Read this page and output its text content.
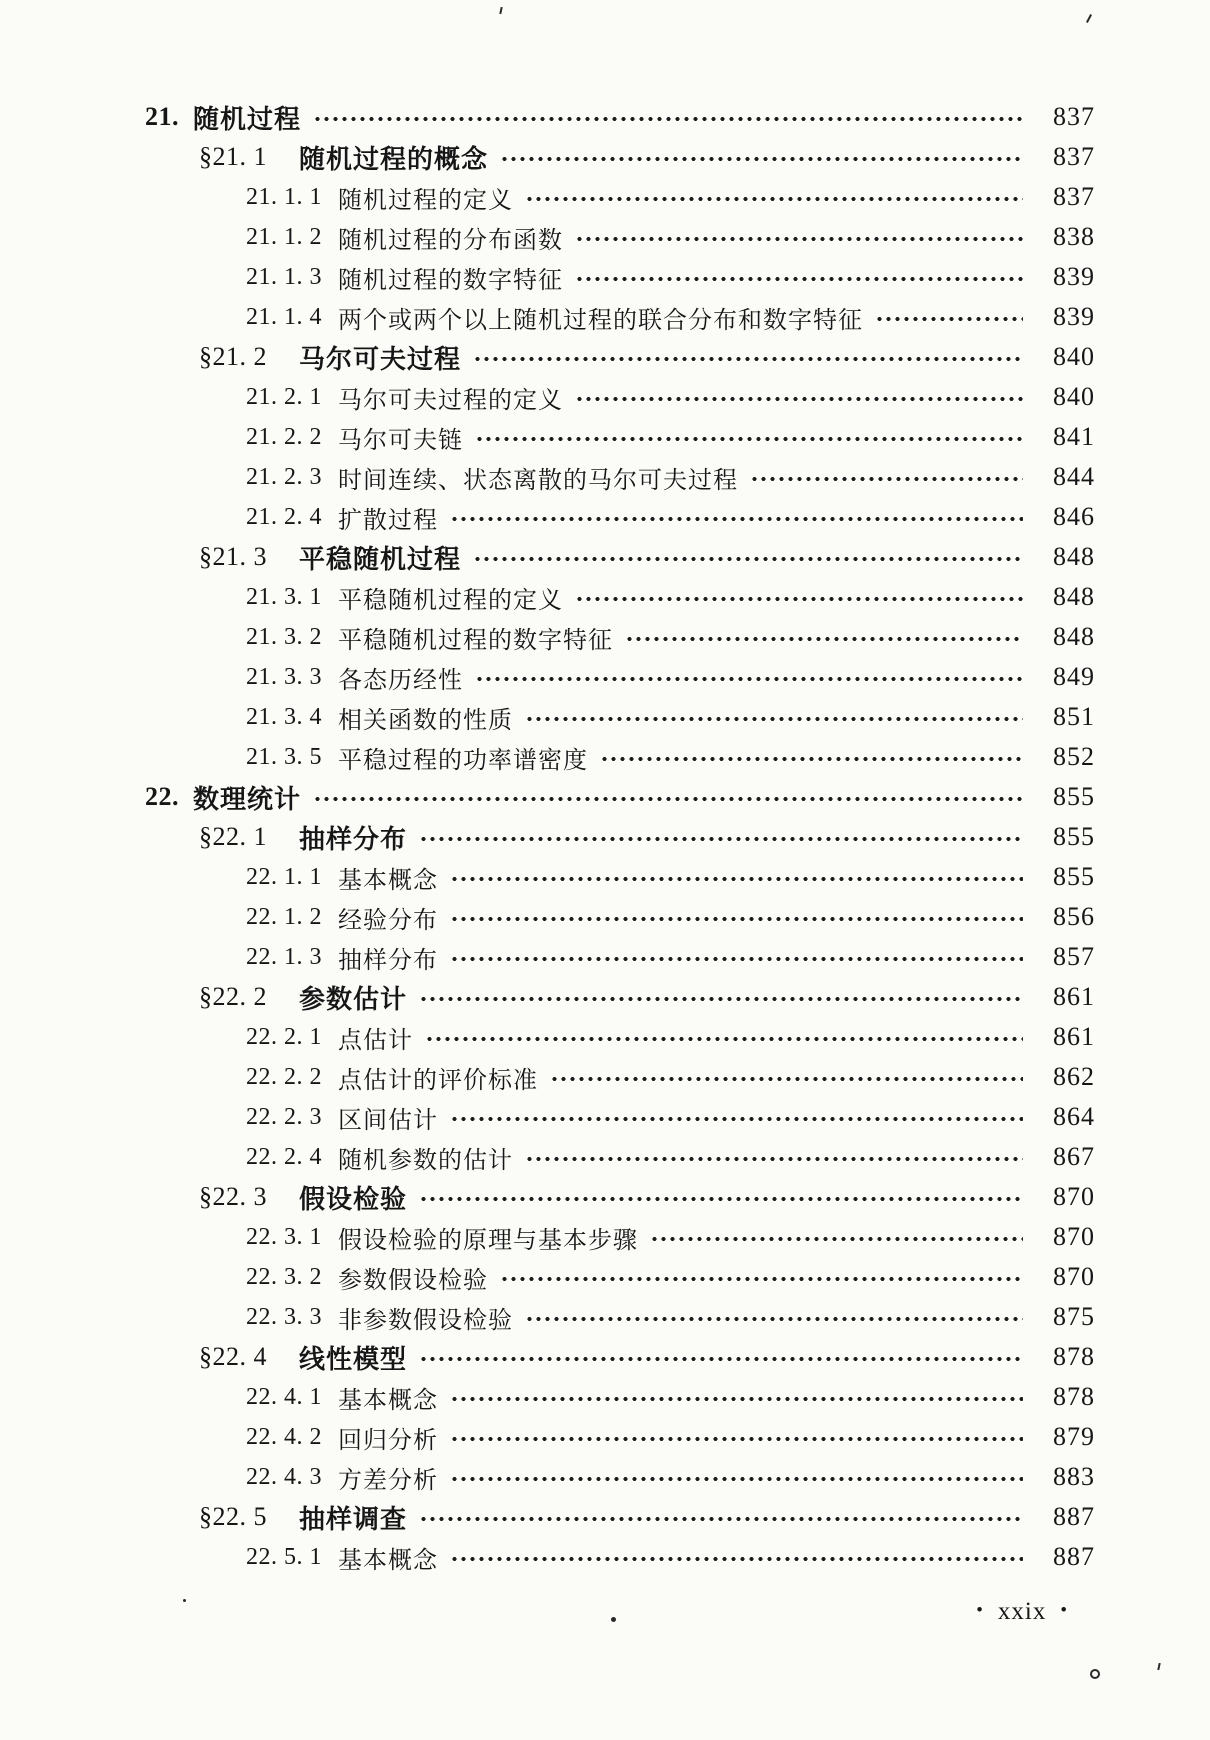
21. 随机过程	837
§21. 1 随机过程的概念	837
21. 1. 1 随机过程的定义	837
21. 1. 2 随机过程的分布函数	838
21. 1. 3 随机过程的数字特征	839
21. 1. 4 两个或两个以上随机过程的联合分布和数字特征	839
§21. 2 马尔可夫过程	840
21. 2. 1 马尔可夫过程的定义	840
21. 2. 2 马尔可夫链	841
21. 2. 3 时间连续、状态离散的马尔可夫过程	844
21. 2. 4 扩散过程	846
§21. 3 平稳随机过程	848
21. 3. 1 平稳随机过程的定义	848
21. 3. 2 平稳随机过程的数字特征	848
21. 3. 3 各态历经性	849
21. 3. 4 相关函数的性质	851
21. 3. 5 平稳过程的功率谱密度	852
22. 数理统计	855
§22. 1 抽样分布	855
22. 1. 1 基本概念	855
22. 1. 2 经验分布	856
22. 1. 3 抽样分布	857
§22. 2 参数估计	861
22. 2. 1 点估计	861
22. 2. 2 点估计的评价标准	862
22. 2. 3 区间估计	864
22. 2. 4 随机参数的估计	867
§22. 3 假设检验	870
22. 3. 1 假设检验的原理与基本步骤	870
22. 3. 2 参数假设检验	870
22. 3. 3 非参数假设检验	875
§22. 4 线性模型	878
22. 4. 1 基本概念	878
22. 4. 2 回归分析	879
22. 4. 3 方差分析	883
§22. 5 抽样调查	887
22. 5. 1 基本概念	887
• xxix •
